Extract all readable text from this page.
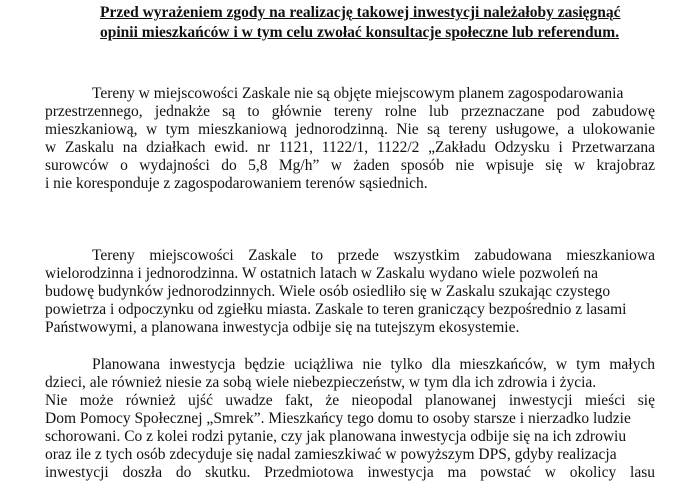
Przed wyrażeniem zgody na realizację takowej inwestycji należałoby zasięgnąć
opinii mieszkańców i w tym celu zwołać konsultacje społeczne lub referendum.
Tereny w miejscowości Zaskale nie są objęte miejscowym planem zagospodarowania
przestrzennego, jednakże są to głównie tereny rolne lub przeznaczane pod zabudowę
mieszkaniową, w tym mieszkaniową jednorodzinną. Nie są tereny usługowe, a ulokowanie
w Zaskalu na działkach ewid. nr 1121, 1122/1, 1122/2 „Zakładu Odzysku i Przetwarzana
surowców o wydajności do 5,8 Mg/h” w żaden sposób nie wpisuje się w krajobraz
i nie koresponduje z zagospodarowaniem terenów sąsiednich.
Tereny miejscowości Zaskale to przede wszystkim zabudowana mieszkaniowa
wielorodzinna i jednorodzinna. W ostatnich latach w Zaskalu wydano wiele pozwoleń na
budowę budynków jednorodzinnych. Wiele osób osiedliło się w Zaskalu szukając czystego
powietrza i odpoczynku od zgiełku miasta. Zaskale to teren graniczący bezpośrednio z lasami
Państwowymi, a planowana inwestycja odbije się na tutejszym ekosystemie.
Planowana inwestycja będzie uciążliwa nie tylko dla mieszkańców, w tym małych
dzieci, ale również niesie za sobą wiele niebezpieczeństw, w tym dla ich zdrowia i życia.
Nie może również ujść uwadze fakt, że nieopodal planowanej inwestycji mieści się
Dom Pomocy Społecznej „Smrek”. Mieszkańcy tego domu to osoby starsze i nierzadko ludzie
schorowani. Co z kolei rodzi pytanie, czy jak planowana inwestycja odbije się na ich zdrowiu
oraz ile z tych osób zdecyduje się nadal zamieszkiwać w powyższym DPS, gdyby realizacja
inwestycji doszła do skutku. Przedmiotowa inwestycja ma powstać w okolicy lasu
